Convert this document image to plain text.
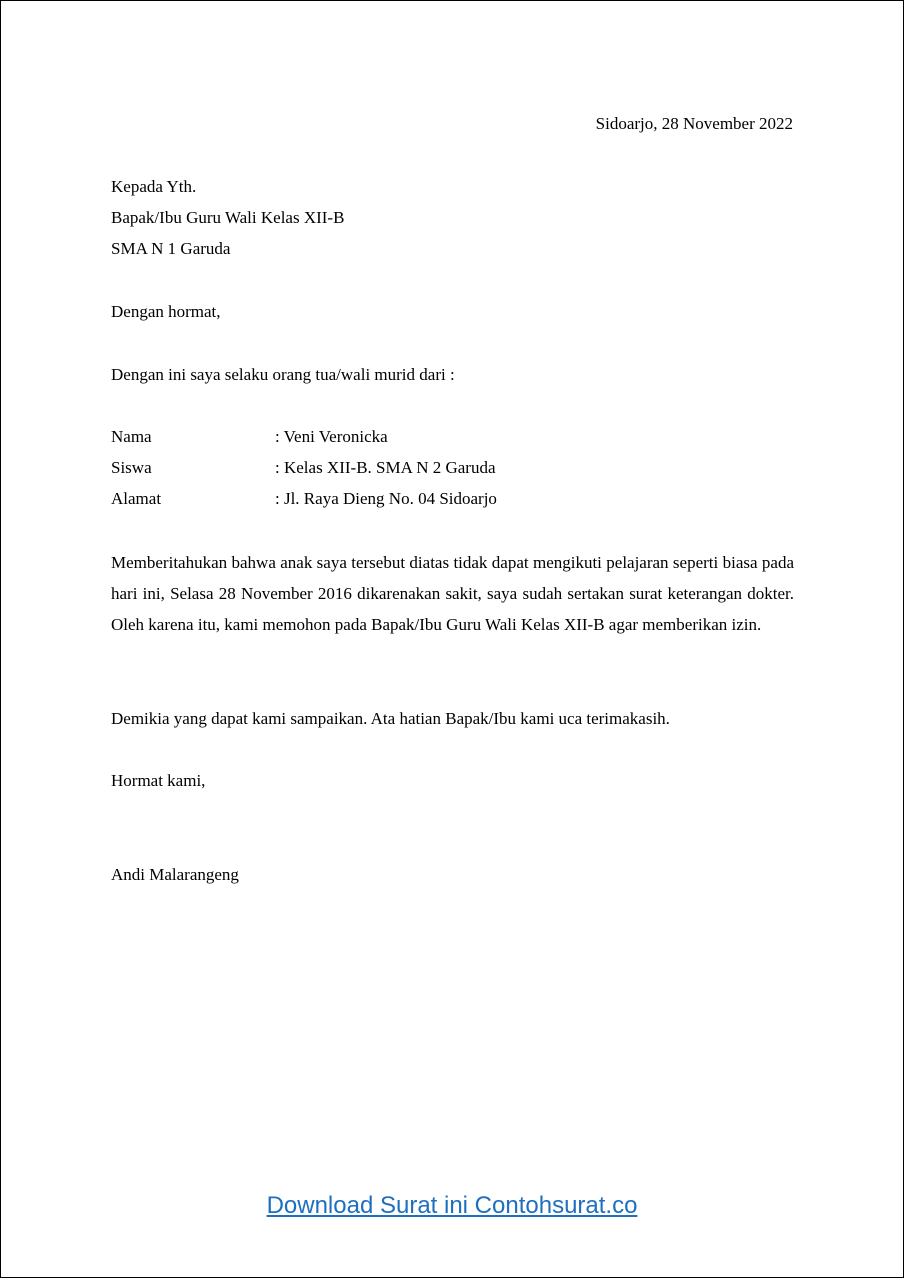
Sidoarjo, 28 November 2022
Kepada Yth.
Bapak/Ibu Guru Wali Kelas XII-B
SMA N 1 Garuda
Dengan hormat,
Dengan ini saya selaku orang tua/wali murid dari :
Nama	: Veni Veronicka
Siswa	: Kelas XII-B. SMA N 2 Garuda
Alamat	: Jl. Raya Dieng No. 04 Sidoarjo
Memberitahukan bahwa anak saya tersebut diatas tidak dapat mengikuti pelajaran seperti biasa pada hari ini, Selasa 28 November 2016 dikarenakan sakit, saya sudah sertakan surat keterangan dokter. Oleh karena itu, kami memohon pada Bapak/Ibu Guru Wali Kelas XII-B agar memberikan izin.
Demikia yang dapat kami sampaikan. Ata hatian Bapak/Ibu kami uca terimakasih.
Hormat kami,
Andi Malarangeng
Download Surat ini Contohsurat.co
